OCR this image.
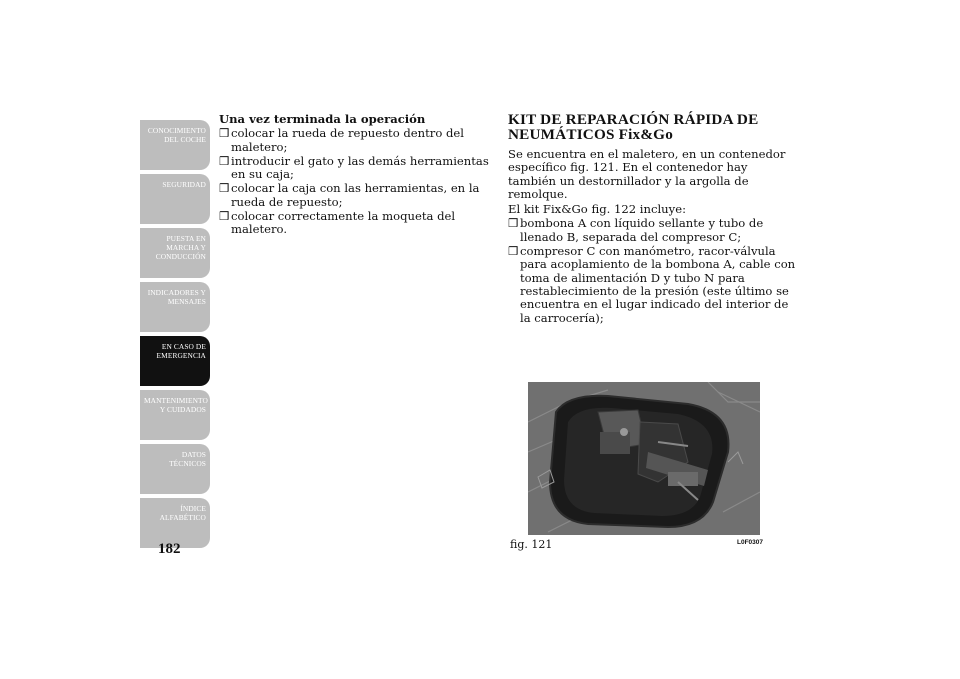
CONOCIMIENTO DEL COCHE
SEGURIDAD
PUESTA EN MARCHA Y CONDUCCIÓN
INDICADORES Y MENSAJES
EN CASO DE EMERGENCIA
MANTENIMIENTO Y CUIDADOS
DATOS TÉCNICOS
ÍNDICE ALFABÉTICO
182
Una vez terminada la operación
❒ colocar la rueda de repuesto dentro del maletero;
❒ introducir el gato y las demás herramientas en su caja;
❒ colocar la caja con las herramientas, en la rueda de repuesto;
❒ colocar correctamente la moqueta del maletero.
KIT DE REPARACIÓN RÁPIDA DE
NEUMÁTICOS Fix&Go
Se encuentra en el maletero, en un contenedor específico fig. 121. En el contenedor hay también un destornillador y la argolla de remolque.
El kit Fix&Go fig. 122 incluye:
❒ bombona A con líquido sellante y tubo de llenado B, separada del compresor C;
❒ compresor C con manómetro, racor-válvula para acoplamiento de la bombona A, cable con toma de alimentación D y tubo N para restablecimiento de la presión (este último se encuentra en el lugar indicado del interior de la carrocería);
fig. 121	L0F0307
